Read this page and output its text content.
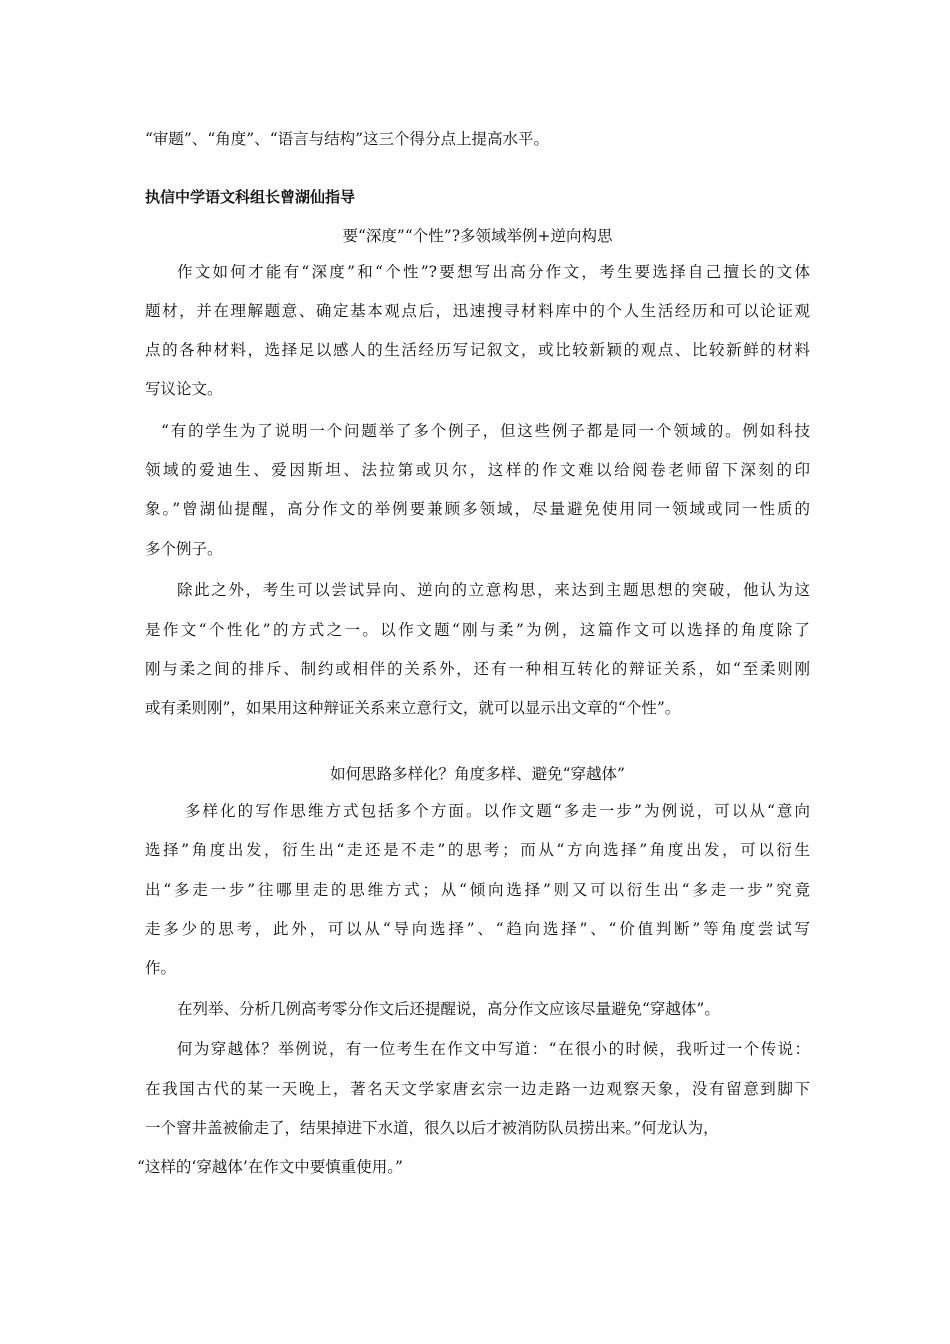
“审题”、“角度”、“语言与结构”这三个得分点上提高水平。
执信中学语文科组长曾湖仙指导
要“深度”“个性”?多领域举例+逆向构思
作文如何才能有“深度”和“个性”?要想写出高分作文，考生要选择自己擅长的文体
题材，并在理解题意、确定基本观点后，迅速搜寻材料库中的个人生活经历和可以论证观
点的各种材料，选择足以感人的生活经历写记叙文，或比较新颖的观点、比较新鲜的材料
写议论文。
“有的学生为了说明一个问题举了多个例子，但这些例子都是同一个领域的。例如科技
领域的爱迪生、爱因斯坦、法拉第或贝尔，这样的作文难以给阅卷老师留下深刻的印
象。”曾湖仙提醒，高分作文的举例要兼顾多领域，尽量避免使用同一领域或同一性质的
多个例子。
除此之外，考生可以尝试异向、逆向的立意构思，来达到主题思想的突破，他认为这
是作文“个性化”的方式之一。以作文题“刚与柔”为例，这篇作文可以选择的角度除了
刚与柔之间的排斥、制约或相伴的关系外，还有一种相互转化的辩证关系，如“至柔则刚
或有柔则刚”，如果用这种辩证关系来立意行文，就可以显示出文章的“个性”。
如何思路多样化？角度多样、避免“穿越体”
多样化的写作思维方式包括多个方面。以作文题“多走一步”为例说，可以从“意向
选择”角度出发，衍生出“走还是不走”的思考；而从“方向选择”角度出发，可以衍生
出“多走一步”往哪里走的思维方式；从“倾向选择”则又可以衍生出“多走一步”究竟
走多少的思考，此外，可以从“导向选择”、“趋向选择”、“价值判断”等角度尝试写
作。
在列举、分析几例高考零分作文后还提醒说，高分作文应该尽量避免“穿越体”。
何为穿越体？举例说，有一位考生在作文中写道：“在很小的时候，我听过一个传说：
在我国古代的某一天晚上，著名天文学家唐玄宗一边走路一边观察天象，没有留意到脚下
一个窨井盖被偷走了，结果掉进下水道，很久以后才被消防队员捞出来。”何龙认为，
“这样的‘穿越体’在作文中要慎重使用。”
